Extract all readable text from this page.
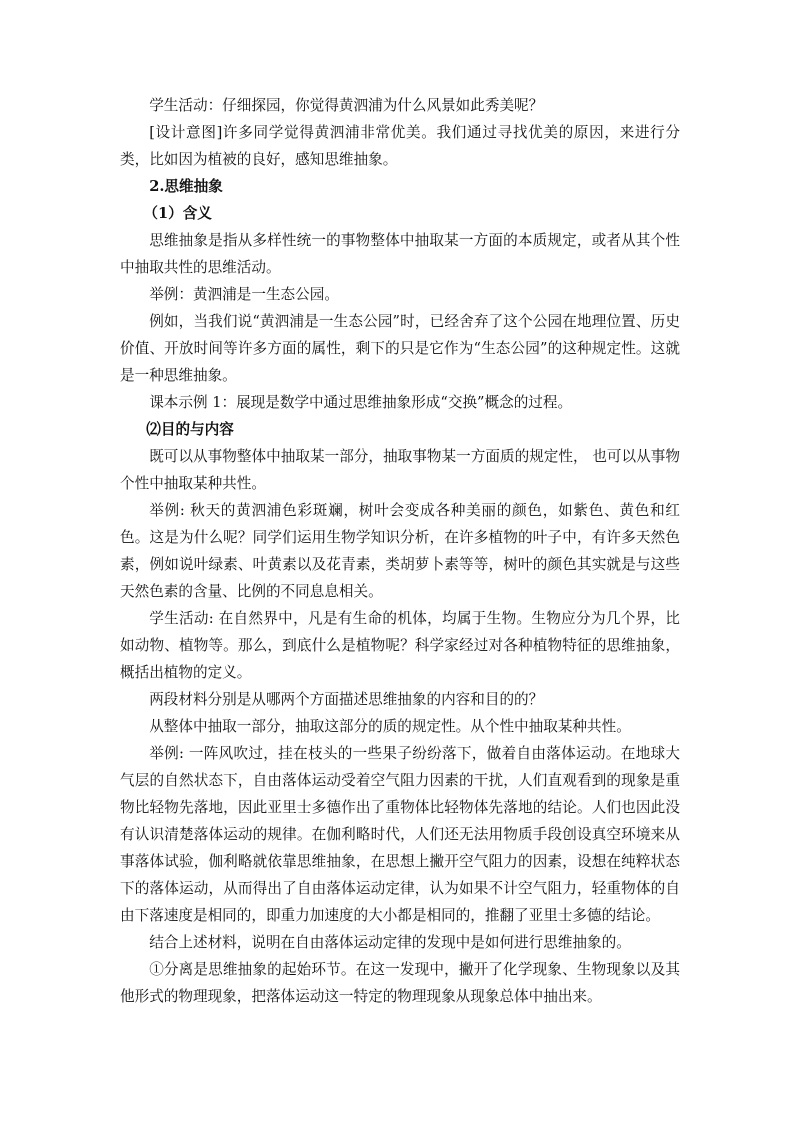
学生活动：仔细探园，你觉得黄泗浦为什么风景如此秀美呢？

[设计意图]许多同学觉得黄泗浦非常优美。我们通过寻找优美的原因，来进行分类，比如因为植被的良好，感知思维抽象。

2.思维抽象

（1）含义

思维抽象是指从多样性统一的事物整体中抽取某一方面的本质规定，或者从其个性中抽取共性的思维活动。

举例：黄泗浦是一生态公园。

例如，当我们说“黄泗浦是一生态公园”时，已经舍弃了这个公园在地理位置、历史价值、开放时间等许多方面的属性，剩下的只是它作为“生态公园”的这种规定性。这就是一种思维抽象。

课本示例 1：展现是数学中通过思维抽象形成“交换”概念的过程。

⑵目的与内容

既可以从事物整体中抽取某一部分，抽取事物某一方面质的规定性， 也可以从事物个性中抽取某种共性。

举例: 秋天的黄泗浦色彩斑斓，树叶会变成各种美丽的颜色，如紫色、黄色和红色。这是为什么呢？同学们运用生物学知识分析，在许多植物的叶子中，有许多天然色素，例如说叶绿素、叶黄素以及花青素，类胡萝卜素等等，树叶的颜色其实就是与这些天然色素的含量、比例的不同息息相关。

学生活动: 在自然界中，凡是有生命的机体，均属于生物。生物应分为几个界，比如动物、植物等。那么，到底什么是植物呢？科学家经过对各种植物特征的思维抽象，概括出植物的定义。

两段材料分别是从哪两个方面描述思维抽象的内容和目的的？

从整体中抽取一部分，抽取这部分的质的规定性。从个性中抽取某种共性。

举例: 一阵风吹过，挂在枝头的一些果子纷纷落下，做着自由落体运动。在地球大气层的自然状态下，自由落体运动受着空气阻力因素的干扰，人们直观看到的现象是重物比轻物先落地，因此亚里士多德作出了重物体比轻物体先落地的结论。人们也因此没有认识清楚落体运动的规律。在伽利略时代，人们还无法用物质手段创设真空环境来从事落体试验，伽利略就依靠思维抽象，在思想上撇开空气阻力的因素，设想在纯粹状态下的落体运动，从而得出了自由落体运动定律，认为如果不计空气阻力，轻重物体的自由下落速度是相同的，即重力加速度的大小都是相同的，推翻了亚里士多德的结论。

结合上述材料，说明在自由落体运动定律的发现中是如何进行思维抽象的。

①分离是思维抽象的起始环节。在这一发现中，撇开了化学现象、生物现象以及其他形式的物理现象，把落体运动这一特定的物理现象从现象总体中抽出来。
